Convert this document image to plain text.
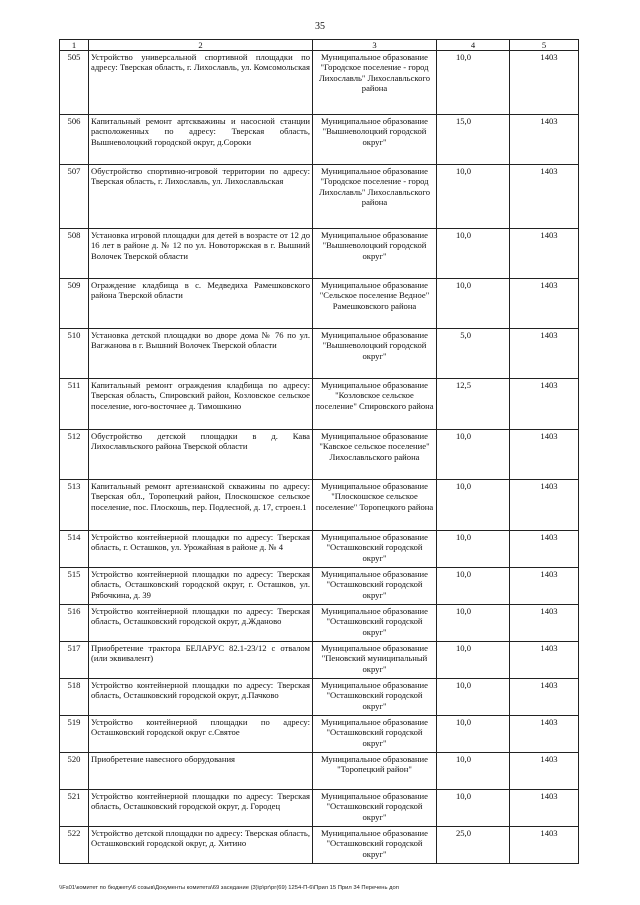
35
1	2	3	4	5
505	Устройство универсальной спортивной площадки по адресу: Тверская область, г. Лихославль, ул. Комсомольская	Муниципальное образование "Городское поселение - город Лихославль" Лихославльского района	10,0	1403
506	Капитальный ремонт артскважины и насосной станции расположенных по адресу: Тверская область, Вышневолоцкий городской округ, д.Сороки	Муниципальное образование "Вышневолоцкий городской округ"	15,0	1403
507	Обустройство спортивно-игровой территории по адресу: Тверская область, г. Лихославль, ул. Лихославльская	Муниципальное образование "Городское поселение - город Лихославль" Лихославльского района	10,0	1403
508	Установка игровой площадки для детей в возрасте от 12 до 16 лет в районе д. № 12 по ул. Новоторжская в г. Вышний Волочек Тверской области	Муниципальное образование "Вышневолоцкий городской округ"	10,0	1403
509	Ограждение кладбища в с. Медведиха Рамешковского района Тверской области	Муниципальное образование "Сельское поселение Ведное" Рамешковского района	10,0	1403
510	Установка детской площадки во дворе дома № 76 по ул. Вагжанова в г. Вышний Волочек Тверской области	Муниципальное образование "Вышневолоцкий городской округ"	5,0	1403
511	Капитальный ремонт ограждения кладбища по адресу: Тверская область, Спировский район, Козловское сельское поселение, юго-восточнее д. Тимошкино	Муниципальное образование "Козловское сельское поселение" Спировского района	12,5	1403
512	Обустройство детской площадки в д. Кава Лихославльского района Тверской области	Муниципальное образование "Кавское сельское поселение" Лихославльского района	10,0	1403
513	Капитальный ремонт артезианской скважины по адресу: Тверская обл., Торопецкий район, Плоскошское сельское поселение, пос. Плоскошь, пер. Подлесной, д. 17, строен.1	Муниципальное образование "Плоскошское сельское поселение" Торопецкого района	10,0	1403
514	Устройство контейнерной площадки по адресу: Тверская область, г. Осташков, ул. Урожайная в районе д. № 4	Муниципальное образование "Осташковский городской округ"	10,0	1403
515	Устройство контейнерной площадки по адресу: Тверская область, Осташковский городской округ, г. Осташков, ул. Рябочкина, д. 39	Муниципальное образование "Осташковский городской округ"	10,0	1403
516	Устройство контейнерной площадки по адресу: Тверская область, Осташковский городской округ, д.Жданово	Муниципальное образование "Осташковский городской округ"	10,0	1403
517	Приобретение трактора БЕЛАРУС 82.1-23/12 с отвалом (или эквивалент)	Муниципальное образование "Пеновский муниципальный округ"	10,0	1403
518	Устройство контейнерной площадки по адресу: Тверская область, Осташковский городской округ, д.Пачково	Муниципальное образование "Осташковский городской округ"	10,0	1403
519	Устройство контейнерной площадки по адресу: Осташковский городской округ с.Святое	Муниципальное образование "Осташковский городской округ"	10,0	1403
520	Приобретение навесного оборудования	Муниципальное образование "Торопецкий район"	10,0	1403
521	Устройство контейнерной площадки по адресу: Тверская область, Осташковский городской округ, д. Городец	Муниципальное образование "Осташковский городской округ"	10,0	1403
522	Устройство детской площадки по адресу: Тверская область, Осташковский городской округ, д. Хитино	Муниципальное образование "Осташковский городской округ"	25,0	1403
\\Fs01\комитет по бюджету\6 созыв\Документы комитета\69 заседание (3)\р\рг\рг(69) 1254-П-6\Прил 15 Прил 34 Перечень доп
